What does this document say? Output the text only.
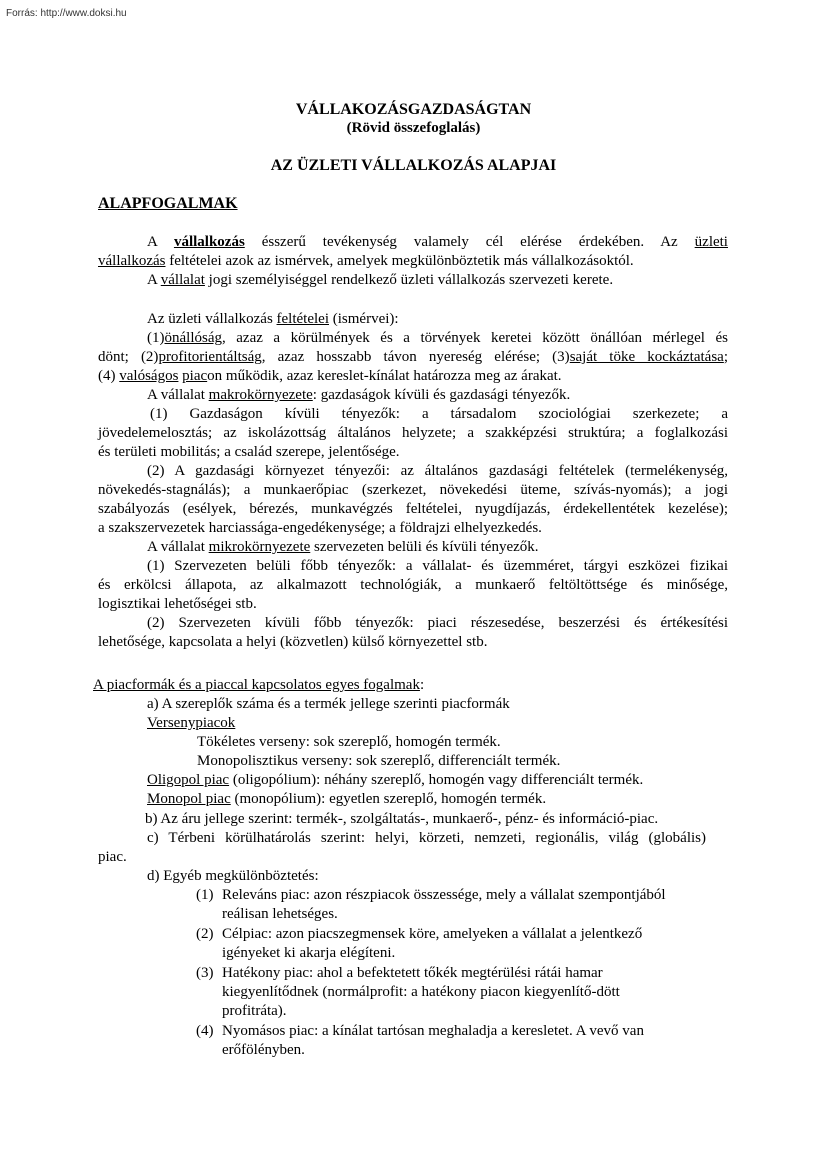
Forrás: http://www.doksi.hu
VÁLLAKOZÁSGAZDASÁGTAN
(Rövid összefoglalás)
AZ ÜZLETI VÁLLALKOZÁS ALAPJAI
ALAPFOGALMAK
A vállalkozás ésszerű tevékenység valamely cél elérése érdekében. Az üzleti
vállalkozás feltételei azok az ismérvek, amelyek megkülönböztetik más vállalkozásoktól.
A vállalat jogi személyiséggel rendelkező üzleti vállalkozás szervezeti kerete.
Az üzleti vállalkozás feltételei (ismérvei):
(1)önállóság, azaz a körülmények és a törvények keretei között önállóan mérlegel és
dönt; (2)profitorientáltság, azaz hosszabb távon nyereség elérése; (3)saját töke kockáztatása;
(4) valóságos piacon működik, azaz kereslet-kínálat határozza meg az árakat.
A vállalat makrokörnyezete: gazdaságok kívüli és gazdasági tényezők.
(1) Gazdaságon kívüli tényezők: a társadalom szociológiai szerkezete; a
jövedelemelosztás; az iskolázottság általános helyzete; a szakképzési struktúra; a foglalkozási
és területi mobilitás; a család szerepe, jelentősége.
(2) A gazdasági környezet tényezői: az általános gazdasági feltételek (termelékenység,
növekedés-stagnálás); a munkaerőpiac (szerkezet, növekedési üteme, szívás-nyomás); a jogi
szabályozás (esélyek, bérezés, munkavégzés feltételei, nyugdíjazás, érdekellentétek kezelése);
a szakszervezetek harciassága-engedékenysége; a földrajzi elhelyezkedés.
A vállalat mikrokörnyezete szervezeten belüli és kívüli tényezők.
(1) Szervezeten belüli főbb tényezők: a vállalat- és üzemméret, tárgyi eszközei fizikai
és erkölcsi állapota, az alkalmazott technológiák, a munkaerő feltöltöttsége és minősége,
logisztikai lehetőségei stb.
(2) Szervezeten kívüli főbb tényezők: piaci részesedése, beszerzési és értékesítési
lehetősége, kapcsolata a helyi (közvetlen) külső környezettel stb.
A piacformák és a piaccal kapcsolatos egyes fogalmak:
a) A szereplők száma és a termék jellege szerinti piacformák
Versenypiacok
Tökéletes verseny: sok szereplő, homogén termék.
Monopolisztikus verseny: sok szereplő, differenciált termék.
Oligopol piac (oligopólium): néhány szereplő, homogén vagy differenciált termék.
Monopol piac (monopólium): egyetlen szereplő, homogén termék.
b) Az áru jellege szerint: termék-, szolgáltatás-, munkaerő-, pénz- és információ-piac.
c) Térbeni körülhatárolás szerint: helyi, körzeti, nemzeti, regionális, világ (globális)
piac.
d) Egyéb megkülönböztetés:
(1) Releváns piac: azon részpiacok összessége, mely a vállalat szempontjából
reálisan lehetséges.
(2) Célpiac: azon piacszegmensek köre, amelyeken a vállalat a jelentkező
igényeket ki akarja elégíteni.
(3) Hatékony piac: ahol a befektetett tőkék megtérülési rátái hamar
kiegyenlítődnek (normálprofit: a hatékony piacon kiegyenlítő-dött
profitráta).
(4) Nyomásos piac: a kínálat tartósan meghaladja a keresletet. A vevő van
erőfölényben.
